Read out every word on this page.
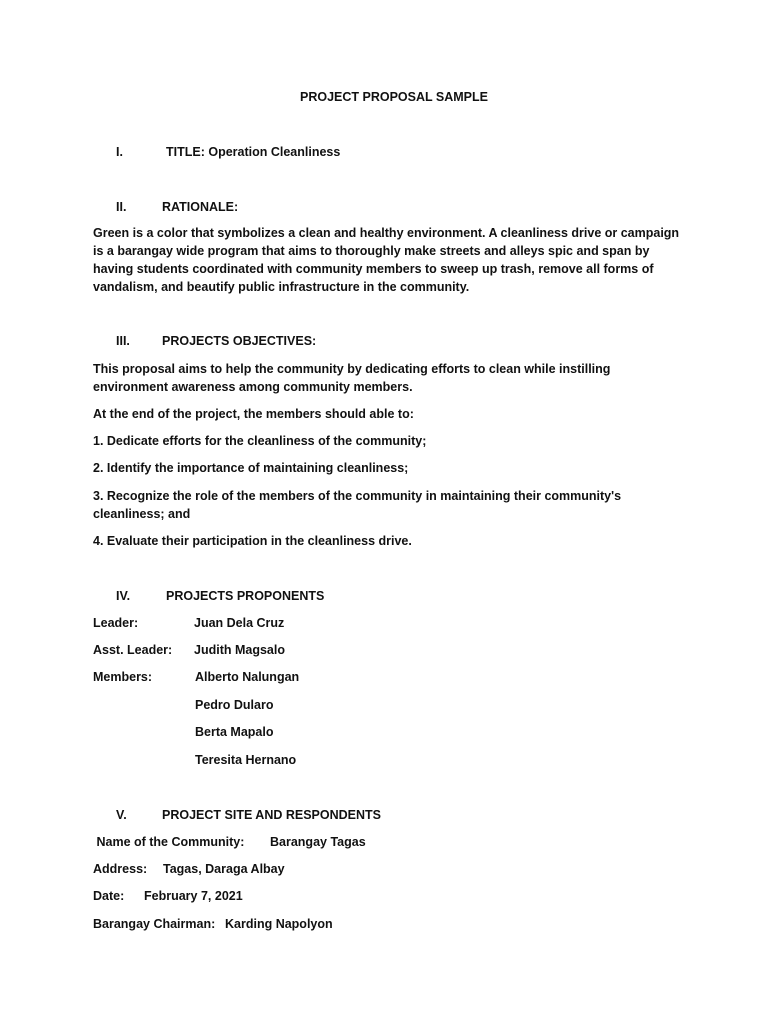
PROJECT PROPOSAL SAMPLE
I.	TITLE: Operation Cleanliness
II.	RATIONALE:
Green is a color that symbolizes a clean and healthy environment. A cleanliness drive or campaign is a barangay wide program that aims to thoroughly make streets and alleys spic and span by having students coordinated with community members to sweep up trash, remove all forms of vandalism, and beautify public infrastructure in the community.
III.	PROJECTS OBJECTIVES:
This proposal aims to help the community by dedicating efforts to clean while instilling environment awareness among community members.
At the end of the project, the members should able to:
1. Dedicate efforts for the cleanliness of the community;
2. Identify the importance of maintaining cleanliness;
3. Recognize the role of the members of the community in maintaining their community's cleanliness; and
4. Evaluate their participation in the cleanliness drive.
IV.	PROJECTS PROPONENTS
Leader:	Juan Dela Cruz
Asst. Leader: Judith Magsalo
Members:	Alberto Nalungan
Pedro Dularo
Berta Mapalo
Teresita Hernano
V.	PROJECT SITE AND RESPONDENTS
Name of the Community: Barangay Tagas
Address: Tagas, Daraga Albay
Date: February 7, 2021
Barangay Chairman: Karding Napolyon
